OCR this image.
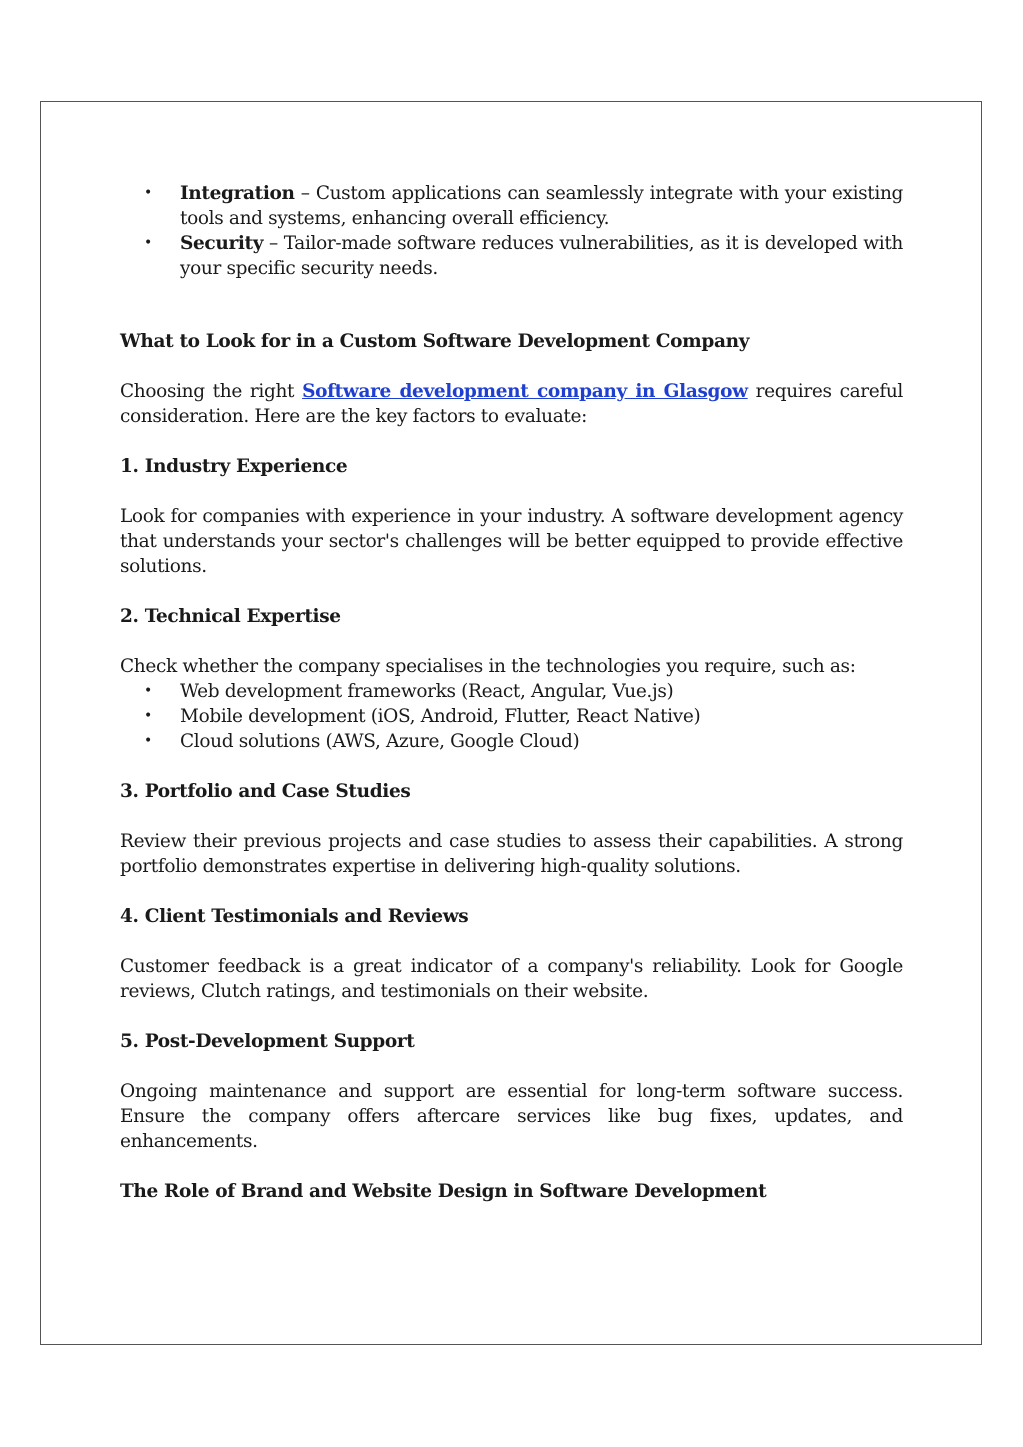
• Integration – Custom applications can seamlessly integrate with your existing tools and systems, enhancing overall efficiency.
• Security – Tailor-made software reduces vulnerabilities, as it is developed with your specific security needs.

What to Look for in a Custom Software Development Company

Choosing the right Software development company in Glasgow requires careful consideration. Here are the key factors to evaluate:

1. Industry Experience

Look for companies with experience in your industry. A software development agency that understands your sector's challenges will be better equipped to provide effective solutions.

2. Technical Expertise

Check whether the company specialises in the technologies you require, such as:

• Web development frameworks (React, Angular, Vue.js)
• Mobile development (iOS, Android, Flutter, React Native)
• Cloud solutions (AWS, Azure, Google Cloud)

3. Portfolio and Case Studies

Review their previous projects and case studies to assess their capabilities. A strong portfolio demonstrates expertise in delivering high-quality solutions.

4. Client Testimonials and Reviews

Customer feedback is a great indicator of a company's reliability. Look for Google reviews, Clutch ratings, and testimonials on their website.

5. Post-Development Support

Ongoing maintenance and support are essential for long-term software success. Ensure the company offers aftercare services like bug fixes, updates, and enhancements.

The Role of Brand and Website Design in Software Development
